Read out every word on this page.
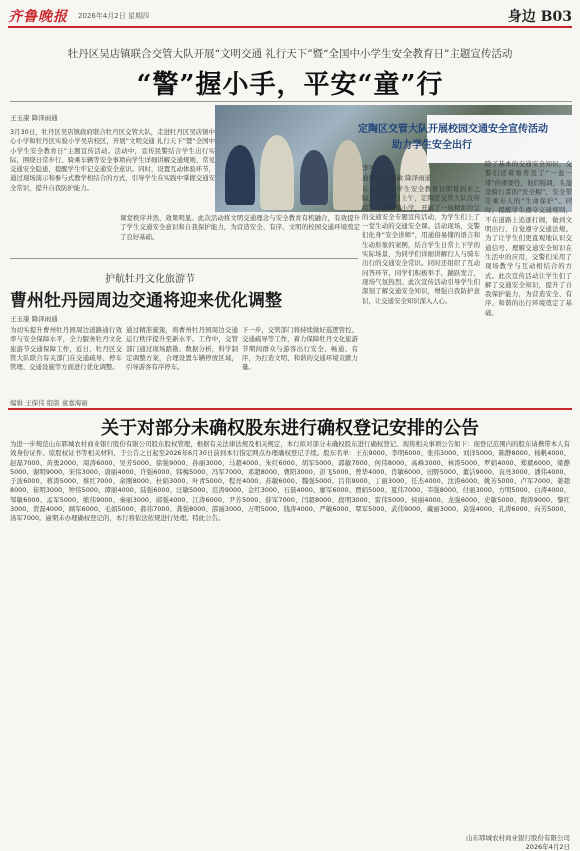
齐鲁晚报 2026年4月2日 星期四	身边 B03
牡丹区吴店镇联合交管大队开展“文明交通 礼行天下”暨“全国中小学生安全教育日”主题宣传活动
“警”握小手，平安“童”行
王玉康 降泽雨通
3月30日，牡丹区吴店镇政府联合牡丹区交管大队，走进牡丹区吴店镇中心小学和牡丹区实验小学吴店校区，开展“文明交通 礼行天下”暨“全国中小学生安全教育日”主题宣传活动。活动中，宣传民警结合学生出行实际，围绕日常步行、骑乘车辆等安全事项向学生详细讲解交通规则、常见交通安全隐患，提醒学生牢记交通安全意识。同时，设置互动体验环节，通过现场演示和参与式教学相结合的方式，引导学生在实践中掌握交通安全常识，提升自我防护能力。
定陶区交管大队开展校园交通安全宣传活动
助力学生安全出行
课堂秩序井然、效果明显。此次活动将文明交通理念与安全教育有机融合，有效提升了学生交通安全意识和自我保护能力，为营造安全、有序、文明的校园交通环境奠定了良好基础。
李可
通讯员 张志敏 降泽雨通
在全国中小学生安全教育日即将到来之际，3月27日上午，定陶区交管大队宣传民警走进双楼小学，开展了一场精彩纷呈的交通安全专题宣传活动，为学生们上了一堂生动的交通安全课。活动现场，交警们化身“安全讲师”，用通俗易懂的语言和生动形象的案例，结合学生日常上下学的实际场景，为同学们详细讲解行人与骑车出行的交通安全常识。同时还组织了互动问答环节，同学们积极举手，踊跃发言，现场气氛热烈。此次宣传活动引导学生们深刻了解交通安全知识，增强自我防护意识，让交通安全知识深入人心。
除了基本的交通安全知识，交警们还着重普及了“一盔一带”的重要性，他们强调，头盔是骑行者的“安全帽”，安全带是乘车人的“生命保护”。同时，提醒学生遵守交通规则，不在道路上追逐打闹，做到文明出行，自觉遵守交通法规。为了让学生们更直观地认识交通信号、理解交通安全知识在生活中的应用，交警们采用了现场教学与互动相结合的方式。此次宣传活动让学生们了解了交通安全知识，提升了自我保护能力，为营造安全、有序、和谐的出行环境奠定了基础。
护航牡丹文化旅游节
曹州牡丹园周边交通将迎来优化调整
王玉康 降泽雨通
为切实提升曹州牡丹园周边道路通行效率与安全保障水平，全力服务牡丹文化旅游节交通保障工作，近日，牡丹区交管大队联合有关部门在交通疏导、停车管理、交通设施等方面进行优化调整。
通过精准施策，将曹州牡丹园周边交通运行秩序提升至新水平。工作中，交管部门通过现场踏勘、数据分析，科学制定调整方案，合理设置车辆停放区域，引导游客有序停车。
下一步，交管部门将持续做好巡逻管控、交通疏导等工作，着力保障牡丹文化旅游节期间群众与游客出行安全、畅通、有序，为打造文明、和谐的交通环境贡献力量。
编辑 王保伟 组版 童嘉海丽
关于对部分未确权股东进行确权登记安排的公告
为进一步规范山东郓城农村商业银行股份有限公司股东股权管理，根据有关法律法规及相关规定，本行拟对部分未确权股东进行确权登记。现将相关事项公告如下：现登记范围内的股东请携带本人有效身份证件、原股权证书等相关材料，于公告之日起至2026年6月30日前到本行指定网点办理确权登记手续。股东名单：王东9000、李明6000、张伟3000、刘洋5000、陈静8000、杨帆4000、赵磊7000、黄勇2000、周涛6000、吴芳5000、徐强9000、孙丽3000、马超4000、朱红6000、胡军5000、郭敏7000、何伟8000、高峰3000、林涛5000、罗娟4000、郑斌6000、梁静5000、谢明9000、宋伟3000、唐丽4000、许强6000、韩梅5000、冯军7000、邓超8000、曹阳3000、彭飞5000、曾华4000、肖敏6000、田野5000、董洁9000、袁亮3000、潘伟4000、于波6000、蒋涛5000、蔡红7000、余刚8000、杜娟3000、叶青5000、程亮4000、苏敏6000、魏强5000、吕伟9000、丁丽3000、任杰4000、沈涛6000、姚芳5000、卢军7000、姜超8000、崔明3000、钟伟5000、谭丽4000、陆强6000、汪敏5000、范涛9000、金红3000、石磊4000、廖军6000、贾娟5000、夏伟7000、韦强8000、付丽3000、方明5000、白涛4000、邹敏6000、孟军5000、熊伟9000、秦丽3000、邱强4000、江涛6000、尹芳5000、薛军7000、闫超8000、段明3000、雷伟5000、侯丽4000、龙强6000、史敏5000、陶涛9000、黎红3000、贺磊4000、顾军6000、毛娟5000、郝伟7000、龚强8000、邵丽3000、万明5000、钱涛4000、严敏6000、覃军5000、武伟9000、戴丽3000、莫强4000、孔涛6000、向芳5000、汤军7000。逾期未办理确权登记的，本行将依法依规进行处理。特此公告。
山东郓城农村商业银行股份有限公司
2026年4月2日
